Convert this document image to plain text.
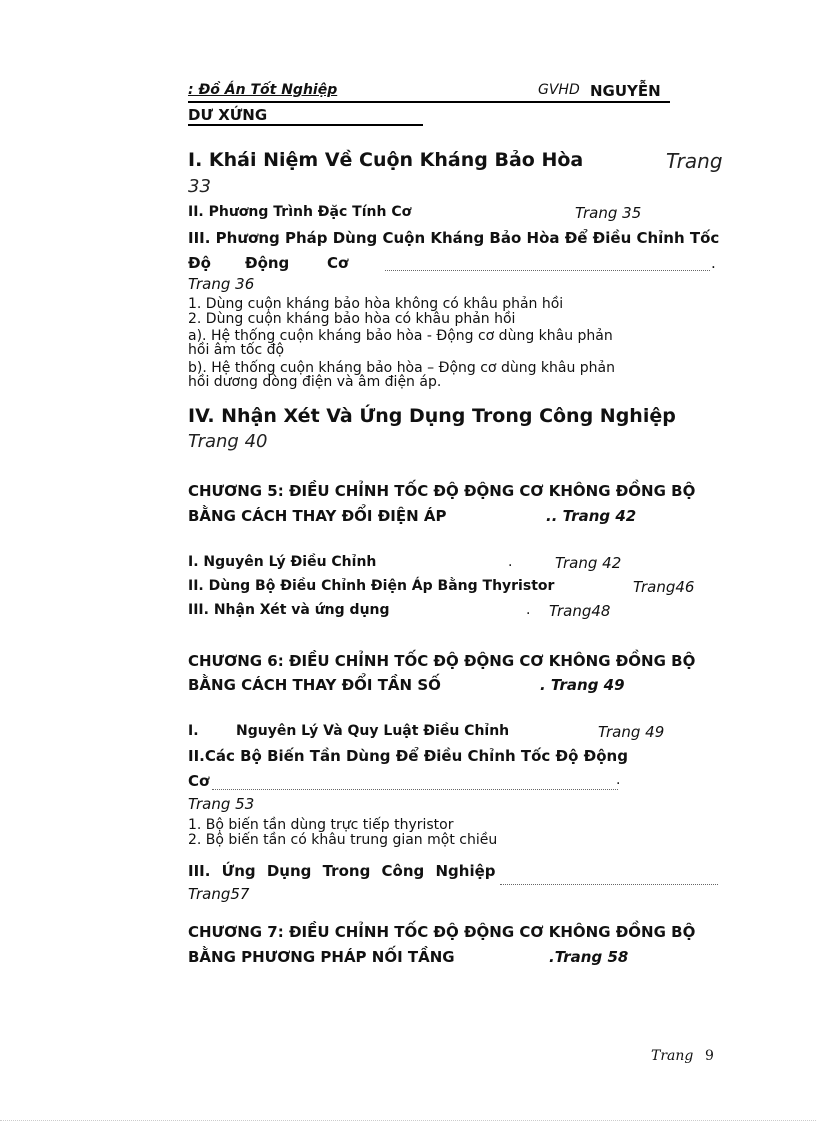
: Đồ Án Tốt Nghiệp	GVHD NGUYỄN
DƯ XỨNG
I. Khái Niệm Về Cuộn Kháng Bảo Hòa	Trang
33
II. Phương Trình Đặc Tính Cơ	Trang 35
III. Phương Pháp Dùng Cuộn Kháng Bảo Hòa Để Điều Chỉnh Tốc
Độ Động	Cơ	.
Trang 36
1. Dùng cuộn kháng bảo hòa không có khâu phản hồi
2. Dùng cuộn kháng bảo hòa có khâu phản hồi
a). Hệ thống cuộn kháng bảo hòa - Động cơ dùng khâu phản
hồi âm tốc độ
b). Hệ thống cuộn kháng bảo hòa – Động cơ dùng khâu phản
hồi dương dòng điện và âm điện áp.
IV. Nhận Xét Và Ứng Dụng Trong Công Nghiệp
Trang 40
CHƯƠNG 5: ĐIỀU CHỈNH TỐC ĐỘ ĐỘNG CƠ KHÔNG ĐỒNG BỘ
BẰNG CÁCH THAY ĐỔI ĐIỆN ÁP	.. Trang 42
I. Nguyên Lý Điều Chỉnh	.	Trang 42
II. Dùng Bộ Điều Chỉnh Điện Áp Bằng Thyristor	Trang46
III. Nhận Xét và ứng dụng	. Trang48
CHƯƠNG 6: ĐIỀU CHỈNH TỐC ĐỘ ĐỘNG CƠ KHÔNG ĐỒNG BỘ
BẰNG CÁCH THAY ĐỔI TẦN SỐ	. Trang 49
I.	Nguyên Lý Và Quy Luật Điều Chỉnh	Trang 49
II.Các Bộ Biến Tần Dùng Để Điều Chỉnh Tốc Độ Động
Cơ	.
Trang 53
1. Bộ biến tần dùng trực tiếp thyristor
2. Bộ biến tần có khâu trung gian một chiều
III. Ứng Dụng Trong Công Nghiệp
Trang57
CHƯƠNG 7: ĐIỀU CHỈNH TỐC ĐỘ ĐỘNG CƠ KHÔNG ĐỒNG BỘ
BẰNG PHƯƠNG PHÁP NỐI TẦNG	.Trang 58
Trang 9
